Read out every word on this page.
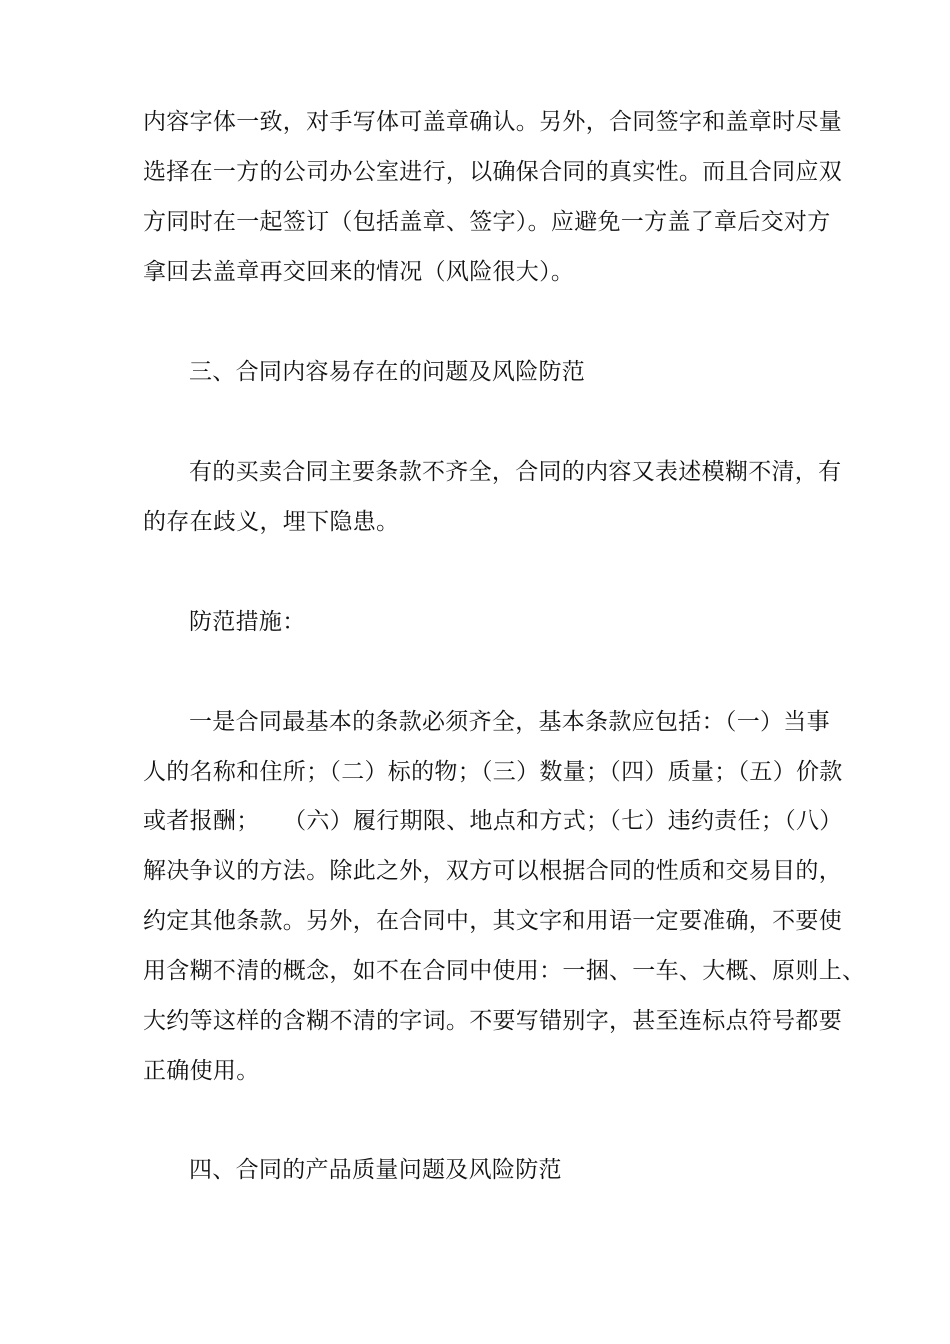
内容字体一致，对手写体可盖章确认。另外，合同签字和盖章时尽量
选择在一方的公司办公室进行，以确保合同的真实性。而且合同应双
方同时在一起签订（包括盖章、签字）。应避免一方盖了章后交对方
拿回去盖章再交回来的情况（风险很大）。
三、合同内容易存在的问题及风险防范
有的买卖合同主要条款不齐全，合同的内容又表述模糊不清，有
的存在歧义，埋下隐患。
防范措施：
一是合同最基本的条款必须齐全，基本条款应包括：（一）当事
人的名称和住所；（二）标的物；（三）数量；（四）质量；（五）价款
或者报酬；　　（六）履行期限、地点和方式；（七）违约责任；（八）
解决争议的方法。除此之外，双方可以根据合同的性质和交易目的，
约定其他条款。另外，在合同中，其文字和用语一定要准确，不要使
用含糊不清的概念，如不在合同中使用：一捆、一车、大概、原则上、
大约等这样的含糊不清的字词。不要写错别字，甚至连标点符号都要
正确使用。
四、合同的产品质量问题及风险防范
